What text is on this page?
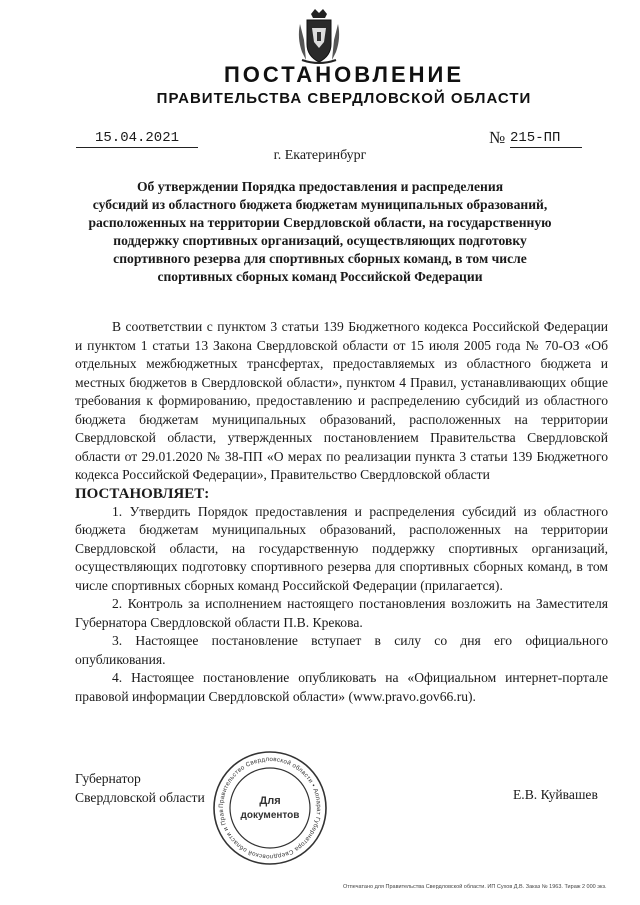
ПОСТАНОВЛЕНИЕ
ПРАВИТЕЛЬСТВА СВЕРДЛОВСКОЙ ОБЛАСТИ
15.04.2021	№ 215-ПП
г. Екатеринбург
Об утверждении Порядка предоставления и распределения
субсидий из областного бюджета бюджетам муниципальных образований,
расположенных на территории Свердловской области, на государственную
поддержку спортивных организаций, осуществляющих подготовку
спортивного резерва для спортивных сборных команд, в том числе
спортивных сборных команд Российской Федерации

В соответствии с пунктом 3 статьи 139 Бюджетного кодекса Российской Федерации и пунктом 1 статьи 13 Закона Свердловской области от 15 июля 2005 года № 70-ОЗ «Об отдельных межбюджетных трансфертах, предоставляемых из областного бюджета и местных бюджетов в Свердловской области», пунктом 4 Правил, устанавливающих общие требования к формированию, предоставлению и распределению субсидий из областного бюджета бюджетам муниципальных образований, расположенных на территории Свердловской области, утвержденных постановлением Правительства Свердловской области от 29.01.2020 № 38-ПП «О мерах по реализации пункта 3 статьи 139 Бюджетного кодекса Российской Федерации», Правительство Свердловской области

ПОСТАНОВЛЯЕТ:

1. Утвердить Порядок предоставления и распределения субсидий из областного бюджета бюджетам муниципальных образований, расположенных на территории Свердловской области, на государственную поддержку спортивных организаций, осуществляющих подготовку спортивного резерва для спортивных сборных команд, в том числе спортивных сборных команд Российской Федерации (прилагается).

2. Контроль за исполнением настоящего постановления возложить на Заместителя Губернатора Свердловской области П.В. Крекова.

3. Настоящее постановление вступает в силу со дня его официального опубликования.

4. Настоящее постановление опубликовать на «Официальном интернет-портале правовой информации Свердловской области» (www.pravo.gov66.ru).

Губернатор
Свердловской области	Е.В. Куйвашев
Правительство Свердловской области • Аппарат Губернатора Свердловской области и Прав
Для
документов
Отпечатано для Правительства Свердловской области. ИП Сухов Д.В. Заказ № 1963. Тираж 2 000 экз.
